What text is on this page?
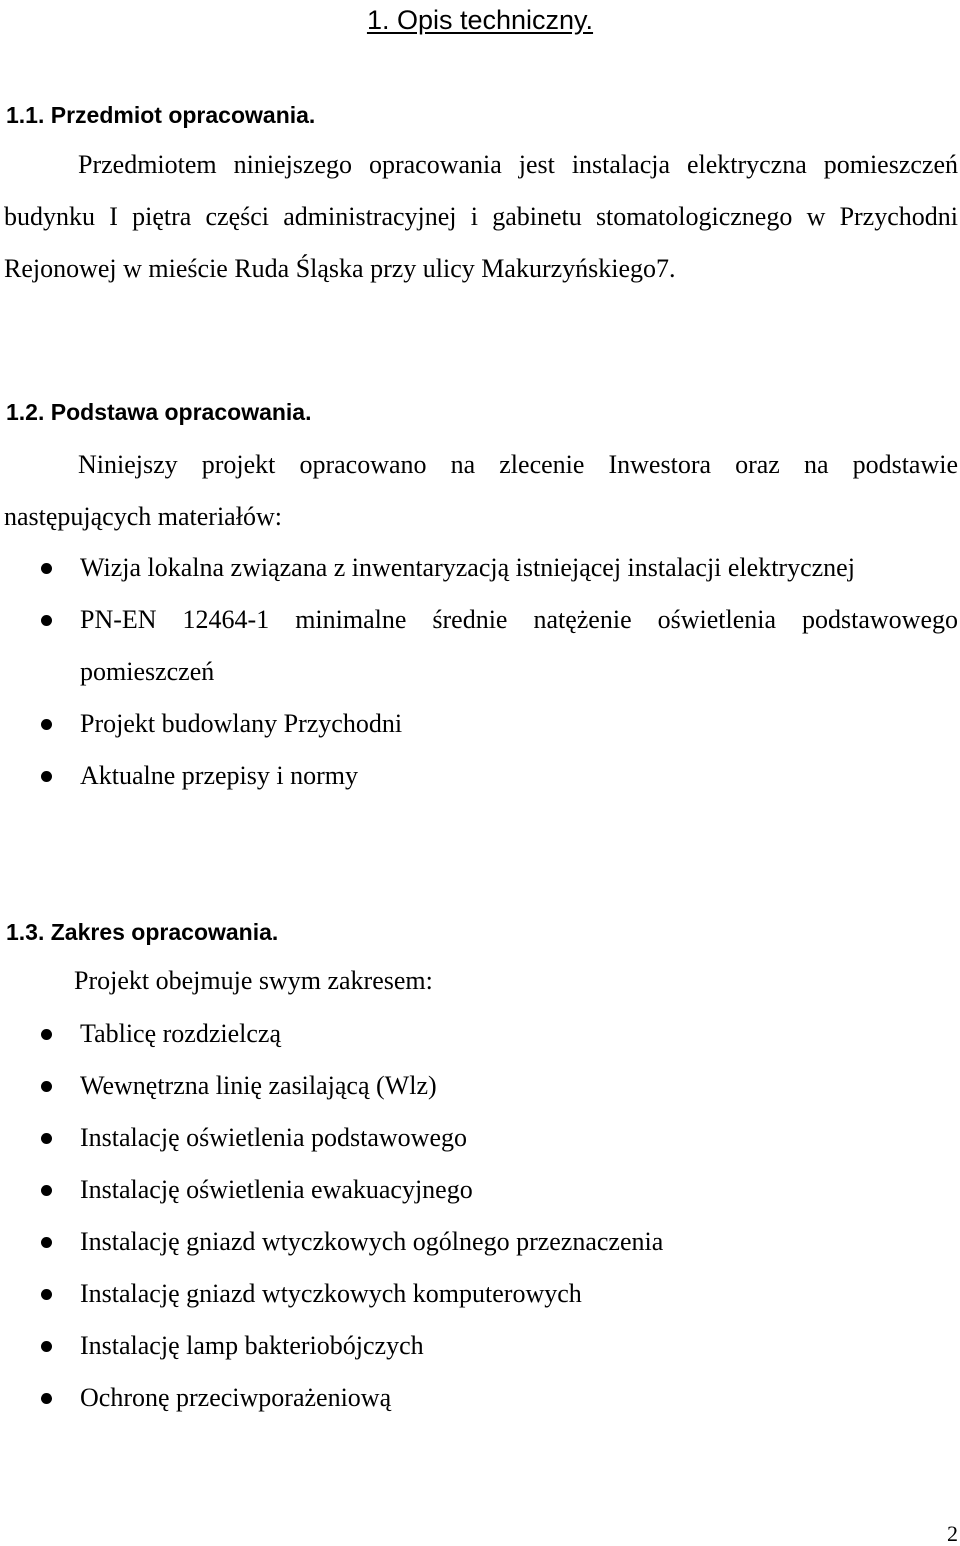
1. Opis techniczny.
1.1. Przedmiot opracowania.

Przedmiotem niniejszego opracowania jest instalacja elektryczna pomieszczeń budynku I piętra części administracyjnej i gabinetu stomatologicznego w Przychodni Rejonowej w mieście Ruda Śląska przy ulicy Makurzyńskiego7.

1.2. Podstawa opracowania.

Niniejszy projekt opracowano na zlecenie Inwestora oraz na podstawie następujących materiałów:

Wizja lokalna związana z inwentaryzacją istniejącej instalacji elektrycznej
PN-EN 12464-1 minimalne średnie natężenie oświetlenia podstawowego pomieszczeń
Projekt budowlany Przychodni
Aktualne przepisy i normy
1.3. Zakres opracowania.
Projekt obejmuje swym zakresem:
Tablicę rozdzielczą
Wewnętrzna linię zasilającą (Wlz)
Instalację oświetlenia podstawowego
Instalację oświetlenia ewakuacyjnego
Instalację gniazd wtyczkowych ogólnego przeznaczenia
Instalację gniazd wtyczkowych komputerowych
Instalację lamp bakteriobójczych
Ochronę przeciwporażeniową
2
